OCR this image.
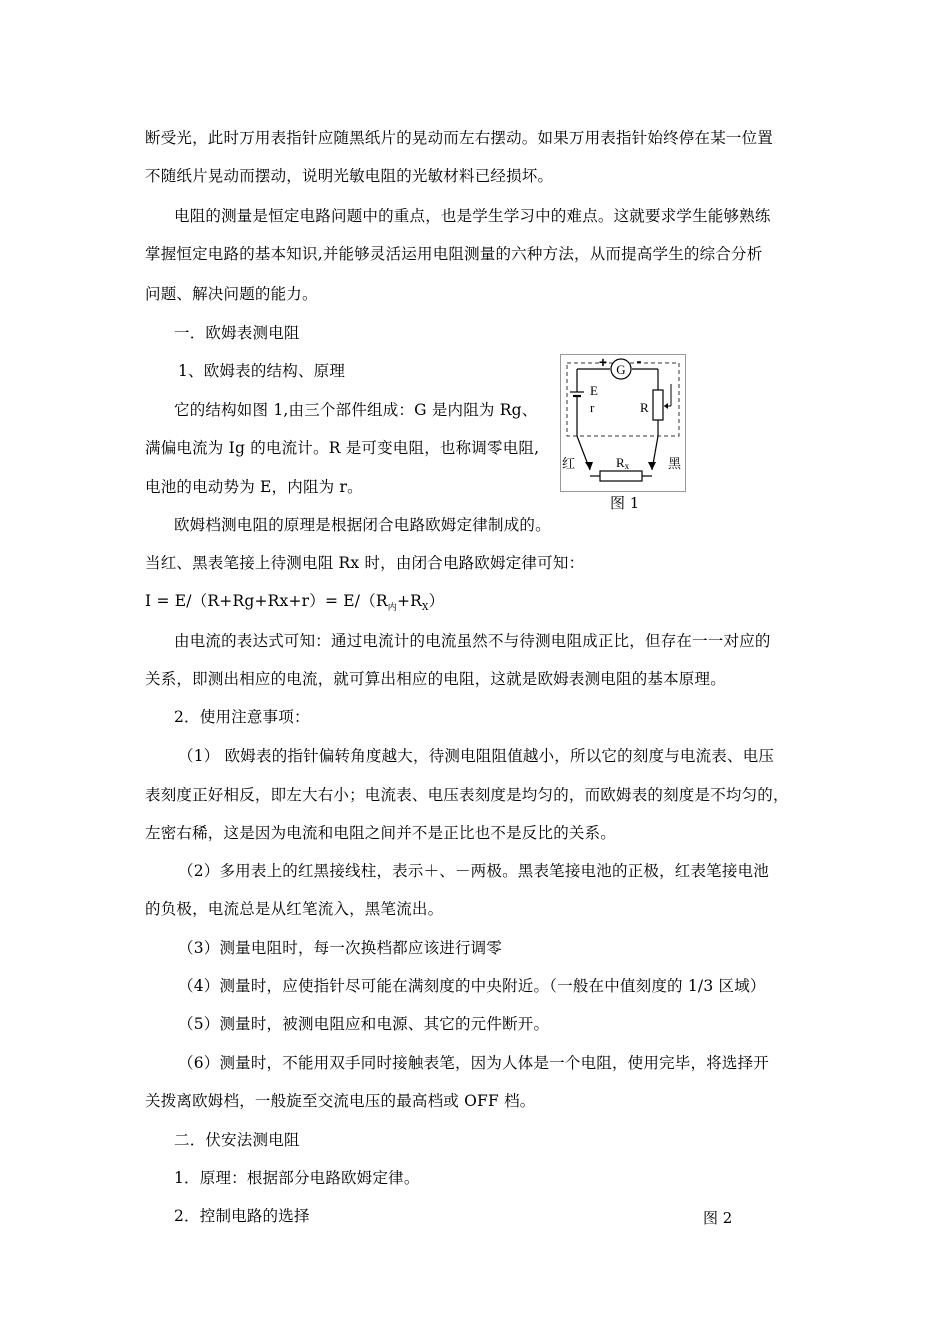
断受光，此时万用表指针应随黑纸片的晃动而左右摆动。如果万用表指针始终停在某一位置
不随纸片晃动而摆动，说明光敏电阻的光敏材料已经损坏。
电阻的测量是恒定电路问题中的重点，也是学生学习中的难点。这就要求学生能够熟练
掌握恒定电路的基本知识,并能够灵活运用电阻测量的六种方法，从而提高学生的综合分析
问题、解决问题的能力。
一．欧姆表测电阻
1、欧姆表的结构、原理
它的结构如图 1,由三个部件组成：G 是内阻为 Rg、
满偏电流为 Ig 的电流计。R 是可变电阻，也称调零电阻,
电池的电动势为 E，内阻为 r。
欧姆档测电阻的原理是根据闭合电路欧姆定律制成的。
当红、黑表笔接上待测电阻 Rx 时，由闭合电路欧姆定律可知：
$I = E/(R+Rg+Rx+r)= E/(R_内+R_X)$
由电流的表达式可知：通过电流计的电流虽然不与待测电阻成正比，但存在一一对应的
关系，即测出相应的电流，就可算出相应的电阻，这就是欧姆表测电阻的基本原理。
2．使用注意事项：
（1） 欧姆表的指针偏转角度越大，待测电阻阻值越小，所以它的刻度与电流表、电压
表刻度正好相反，即左大右小；电流表、电压表刻度是均匀的，而欧姆表的刻度是不均匀的，
左密右稀，这是因为电流和电阻之间并不是正比也不是反比的关系。
（2）多用表上的红黑接线柱，表示＋、－两极。黑表笔接电池的正极，红表笔接电池
的负极，电流总是从红笔流入，黑笔流出。
（3）测量电阻时，每一次换档都应该进行调零
（4）测量时，应使指针尽可能在满刻度的中央附近。（一般在中值刻度的 1/3 区域）
（5）测量时，被测电阻应和电源、其它的元件断开。
（6）测量时，不能用双手同时接触表笔，因为人体是一个电阻，使用完毕，将选择开
关拨离欧姆档，一般旋至交流电压的最高档或 OFF 档。
二．伏安法测电阻
1．原理：根据部分电路欧姆定律。
2．控制电路的选择
G
+ -
E
r	R
Rx
红	黑
图 1
图 2
